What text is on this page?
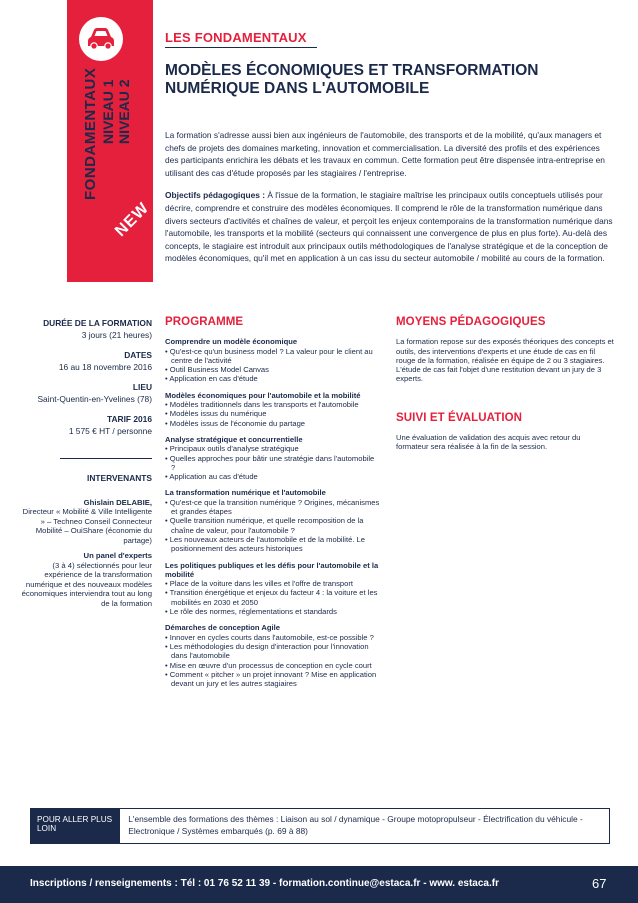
FONDAMENTAUX NIVEAU 1 NIVEAU 2
NEW
LES FONDAMENTAUX
MODÈLES ÉCONOMIQUES ET TRANSFORMATION NUMÉRIQUE DANS L'AUTOMOBILE

La formation s'adresse aussi bien aux ingénieurs de l'automobile, des transports et de la mobilité, qu'aux managers et chefs de projets des domaines marketing, innovation et commercialisation. La diversité des profils et des expériences des participants enrichira les débats et les travaux en commun. Cette formation peut être dispensée intra-entreprise en utilisant des cas d'étude proposés par les stagiaires / l'entreprise.

Objectifs pédagogiques : À l'issue de la formation, le stagiaire maîtrise les principaux outils conceptuels utilisés pour décrire, comprendre et construire des modèles économiques. Il comprend le rôle de la transformation numérique dans divers secteurs d'activités et chaînes de valeur, et perçoit les enjeux contemporains de la transformation numérique dans l'automobile, les transports et la mobilité (secteurs qui connaissent une convergence de plus en plus forte). Au-delà des concepts, le stagiaire est introduit aux principaux outils méthodologiques de l'analyse stratégique et de la conception de modèles économiques, qu'il met en application à un cas issu du secteur automobile / mobilité au cours de la formation.

DURÉE DE LA FORMATION
3 jours (21 heures)
DATES
16 au 18 novembre 2016
LIEU
Saint-Quentin-en-Yvelines (78)
TARIF 2016
1 575 € HT / personne
INTERVENANTS

Ghislain DELABIE,
Directeur « Mobilité & Ville Intelligente » – Techneo Conseil Connecteur Mobilité – OuiShare (économie du partage)

Un panel d'experts
(3 à 4) sélectionnés pour leur expérience de la transformation numérique et des nouveaux modèles économiques interviendra tout au long de la formation

PROGRAMME
Comprendre un modèle économique
• Qu'est-ce qu'un business model ? La valeur pour le client au centre de l'activité
• Outil Business Model Canvas
• Application en cas d'étude
Modèles économiques pour l'automobile et la mobilité
• Modèles traditionnels dans les transports et l'automobile
• Modèles issus du numérique
• Modèles issus de l'économie du partage
Analyse stratégique et concurrentielle
• Principaux outils d'analyse stratégique
• Quelles approches pour bâtir une stratégie dans l'automobile ?
• Application au cas d'étude
La transformation numérique et l'automobile
• Qu'est-ce que la transition numérique ? Origines, mécanismes et grandes étapes
• Quelle transition numérique, et quelle recomposition de la chaîne de valeur, pour l'automobile ?
• Les nouveaux acteurs de l'automobile et de la mobilité. Le positionnement des acteurs historiques
Les politiques publiques et les défis pour l'automobile et la mobilité
• Place de la voiture dans les villes et l'offre de transport
• Transition énergétique et enjeux du facteur 4 : la voiture et les mobilités en 2030 et 2050
• Le rôle des normes, réglementations et standards
Démarches de conception Agile
• Innover en cycles courts dans l'automobile, est-ce possible ?
• Les méthodologies du design d'interaction pour l'innovation dans l'automobile
• Mise en œuvre d'un processus de conception en cycle court
• Comment « pitcher » un projet innovant ? Mise en application devant un jury et les autres stagiaires
MOYENS PÉDAGOGIQUES

La formation repose sur des exposés théoriques des concepts et outils, des interventions d'experts et une étude de cas en fil rouge de la formation, réalisée en équipe de 2 ou 3 stagiaires. L'étude de cas fait l'objet d'une restitution devant un jury de 3 experts.

SUIVI ET ÉVALUATION

Une évaluation de validation des acquis avec retour du formateur sera réalisée à la fin de la session.

POUR ALLER PLUS LOIN
L'ensemble des formations des thèmes : Liaison au sol / dynamique - Groupe motopropulseur - Électrification du véhicule - Electronique / Systèmes embarqués (p. 69 à 88)
Inscriptions / renseignements : Tél : 01 76 52 11 39 - formation.continue@estaca.fr - www. estaca.fr	67
